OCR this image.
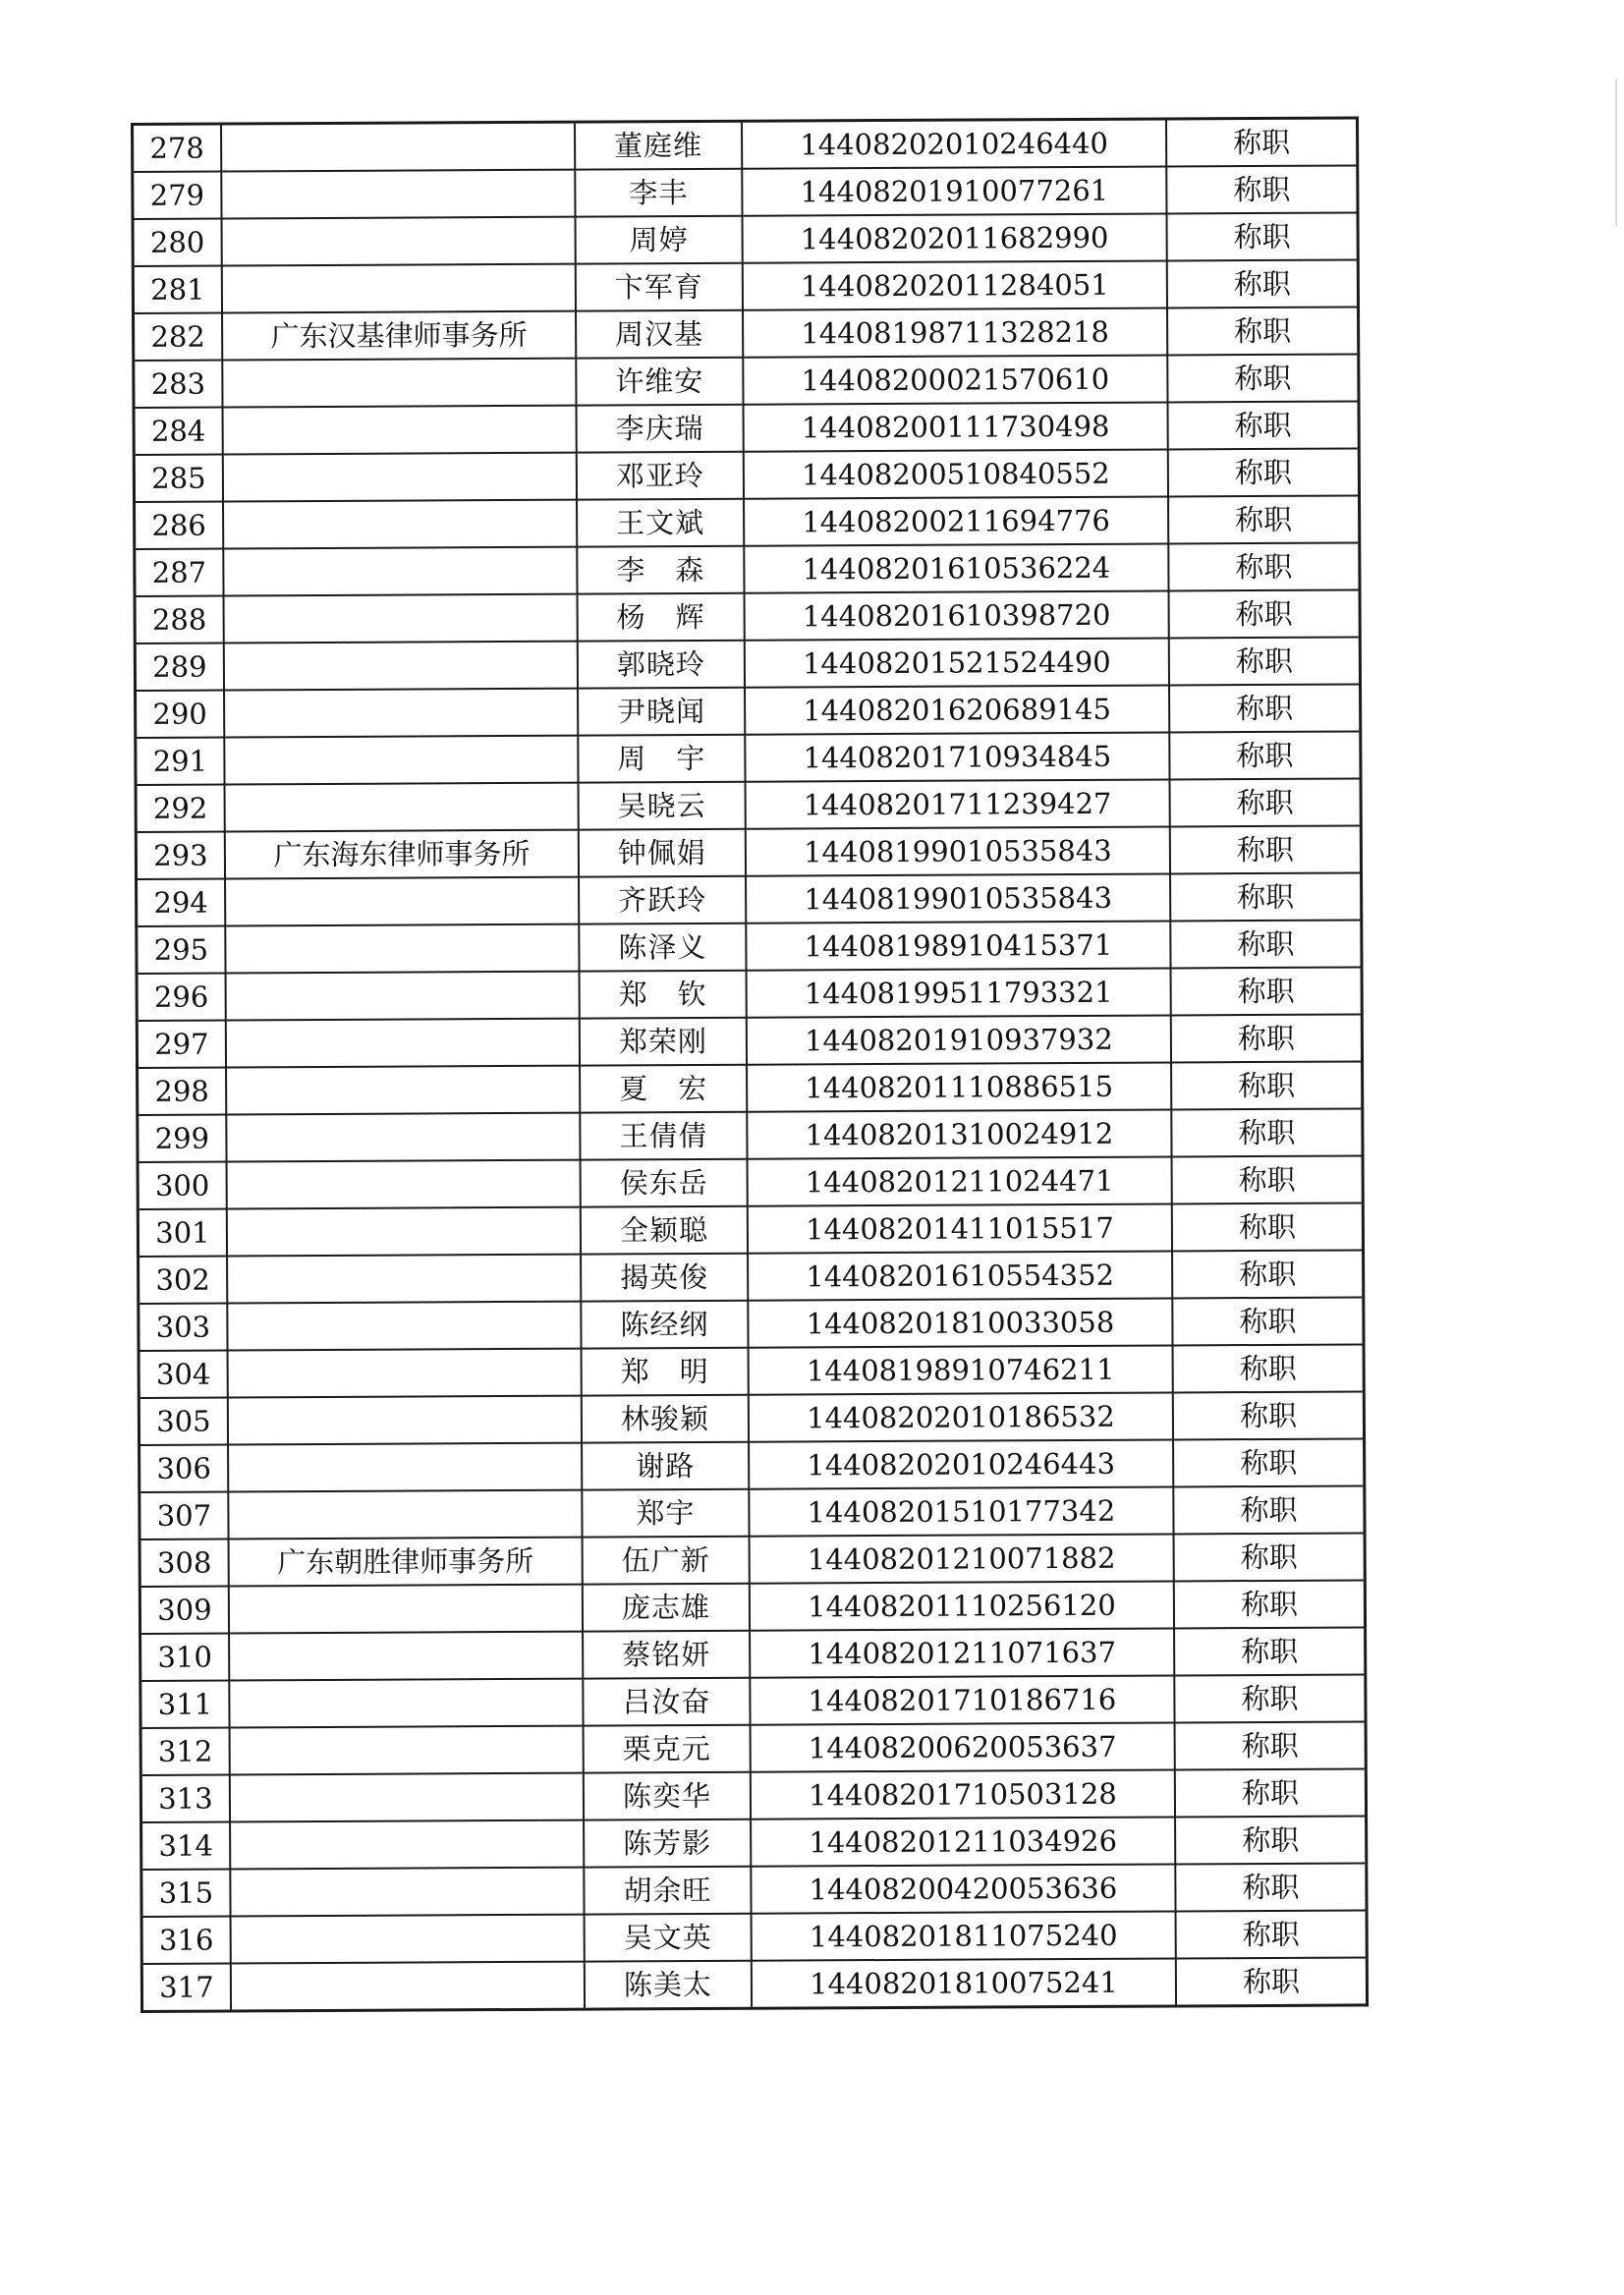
278		董庭维	14408202010246440	称职
279		李丰	14408201910077261	称职
280		周婷	14408202011682990	称职
281		卞军育	14408202011284051	称职
282	广东汉基律师事务所	周汉基	14408198711328218	称职
283		许维安	14408200021570610	称职
284		李庆瑞	14408200111730498	称职
285		邓亚玲	14408200510840552	称职
286		王文斌	14408200211694776	称职
287		李　森	14408201610536224	称职
288		杨　辉	14408201610398720	称职
289		郭晓玲	14408201521524490	称职
290		尹晓闻	14408201620689145	称职
291		周　宇	14408201710934845	称职
292		吴晓云	14408201711239427	称职
293	广东海东律师事务所	钟佩娟	14408199010535843	称职
294		齐跃玲	14408199010535843	称职
295		陈泽义	14408198910415371	称职
296		郑　钦	14408199511793321	称职
297		郑荣刚	14408201910937932	称职
298		夏　宏	14408201110886515	称职
299		王倩倩	14408201310024912	称职
300		侯东岳	14408201211024471	称职
301		全颖聪	14408201411015517	称职
302		揭英俊	14408201610554352	称职
303		陈经纲	14408201810033058	称职
304		郑　明	14408198910746211	称职
305		林骏颖	14408202010186532	称职
306		谢路	14408202010246443	称职
307		郑宇	14408201510177342	称职
308	广东朝胜律师事务所	伍广新	14408201210071882	称职
309		庞志雄	14408201110256120	称职
310		蔡铭妍	14408201211071637	称职
311		吕汝奋	14408201710186716	称职
312		栗克元	14408200620053637	称职
313		陈奕华	14408201710503128	称职
314		陈芳影	14408201211034926	称职
315		胡余旺	14408200420053636	称职
316		吴文英	14408201811075240	称职
317		陈美太	14408201810075241	称职
